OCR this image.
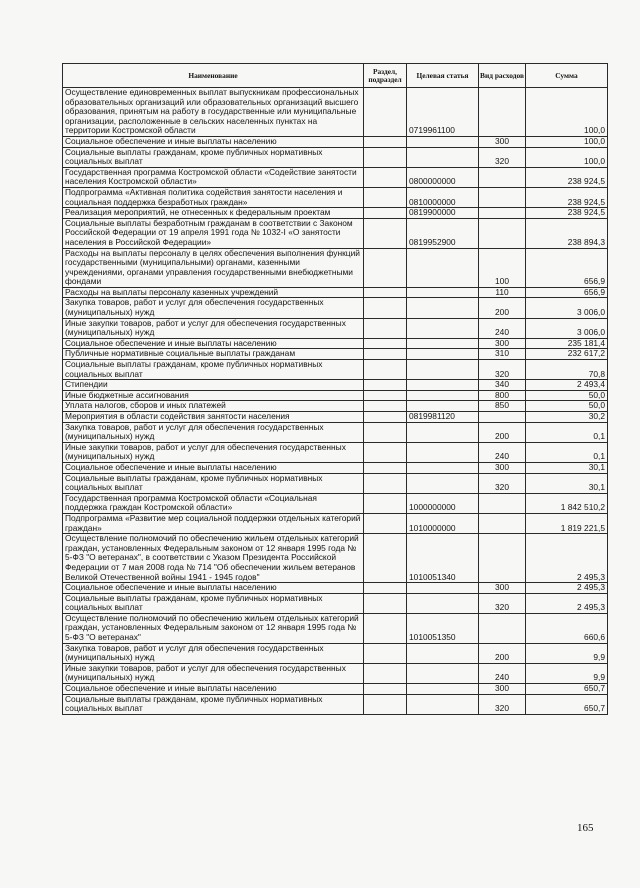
Наименование	Раздел, подраздел	Целевая статья	Вид расходов	Сумма
Осуществление единовременных выплат выпускникам профессиональных образовательных организаций или образовательных организаций высшего образования, принятым на работу в государственные или муниципальные организации, расположенные в сельских населенных пунктах на территории Костромской области		0719961100		100,0
Социальное обеспечение и иные выплаты населению			300	100,0
Социальные выплаты гражданам, кроме публичных нормативных социальных выплат			320	100,0
Государственная программа Костромской области «Содействие занятости населения Костромской области»		0800000000		238 924,5
Подпрограмма «Активная политика содействия занятости населения и социальная поддержка безработных граждан»		0810000000		238 924,5
Реализация мероприятий, не отнесенных к федеральным проектам		0819900000		238 924,5
Социальные выплаты безработным гражданам в соответствии с Законом Российской Федерации от 19 апреля 1991 года № 1032-I «О занятости населения в Российской Федерации»		0819952900		238 894,3
Расходы на выплаты персоналу в целях обеспечения выполнения функций государственными (муниципальными) органами, казенными учреждениями, органами управления государственными внебюджетными фондами			100	656,9
Расходы на выплаты персоналу казенных учреждений			110	656,9
Закупка товаров, работ и услуг для обеспечения государственных (муниципальных) нужд			200	3 006,0
Иные закупки товаров, работ и услуг для обеспечения государственных (муниципальных) нужд			240	3 006,0
Социальное обеспечение и иные выплаты населению			300	235 181,4
Публичные нормативные социальные выплаты гражданам			310	232 617,2
Социальные выплаты гражданам, кроме публичных нормативных социальных выплат			320	70,8
Стипендии			340	2 493,4
Иные бюджетные ассигнования			800	50,0
Уплата налогов, сборов и иных платежей			850	50,0
Мероприятия в области содействия занятости населения		0819981120		30,2
Закупка товаров, работ и услуг для обеспечения государственных (муниципальных) нужд			200	0,1
Иные закупки товаров, работ и услуг для обеспечения государственных (муниципальных) нужд			240	0,1
Социальное обеспечение и иные выплаты населению			300	30,1
Социальные выплаты гражданам, кроме публичных нормативных социальных выплат			320	30,1
Государственная программа Костромской области «Социальная поддержка граждан Костромской области»		1000000000		1 842 510,2
Подпрограмма «Развитие мер социальной поддержки отдельных категорий граждан»		1010000000		1 819 221,5
Осуществление полномочий по обеспечению жильем отдельных категорий граждан, установленных Федеральным законом от 12 января 1995 года № 5-ФЗ "О ветеранах", в соответствии с Указом Президента Российской Федерации от 7 мая 2008 года № 714 "Об обеспечении жильем ветеранов Великой Отечественной войны 1941 - 1945 годов"		1010051340		2 495,3
Социальное обеспечение и иные выплаты населению			300	2 495,3
Социальные выплаты гражданам, кроме публичных нормативных социальных выплат			320	2 495,3
Осуществление полномочий по обеспечению жильем отдельных категорий граждан, установленных Федеральным законом от 12 января 1995 года № 5-ФЗ "О ветеранах"		1010051350		660,6
Закупка товаров, работ и услуг для обеспечения государственных (муниципальных) нужд			200	9,9
Иные закупки товаров, работ и услуг для обеспечения государственных (муниципальных) нужд			240	9,9
Социальное обеспечение и иные выплаты населению			300	650,7
Социальные выплаты гражданам, кроме публичных нормативных социальных выплат			320	650,7
165
